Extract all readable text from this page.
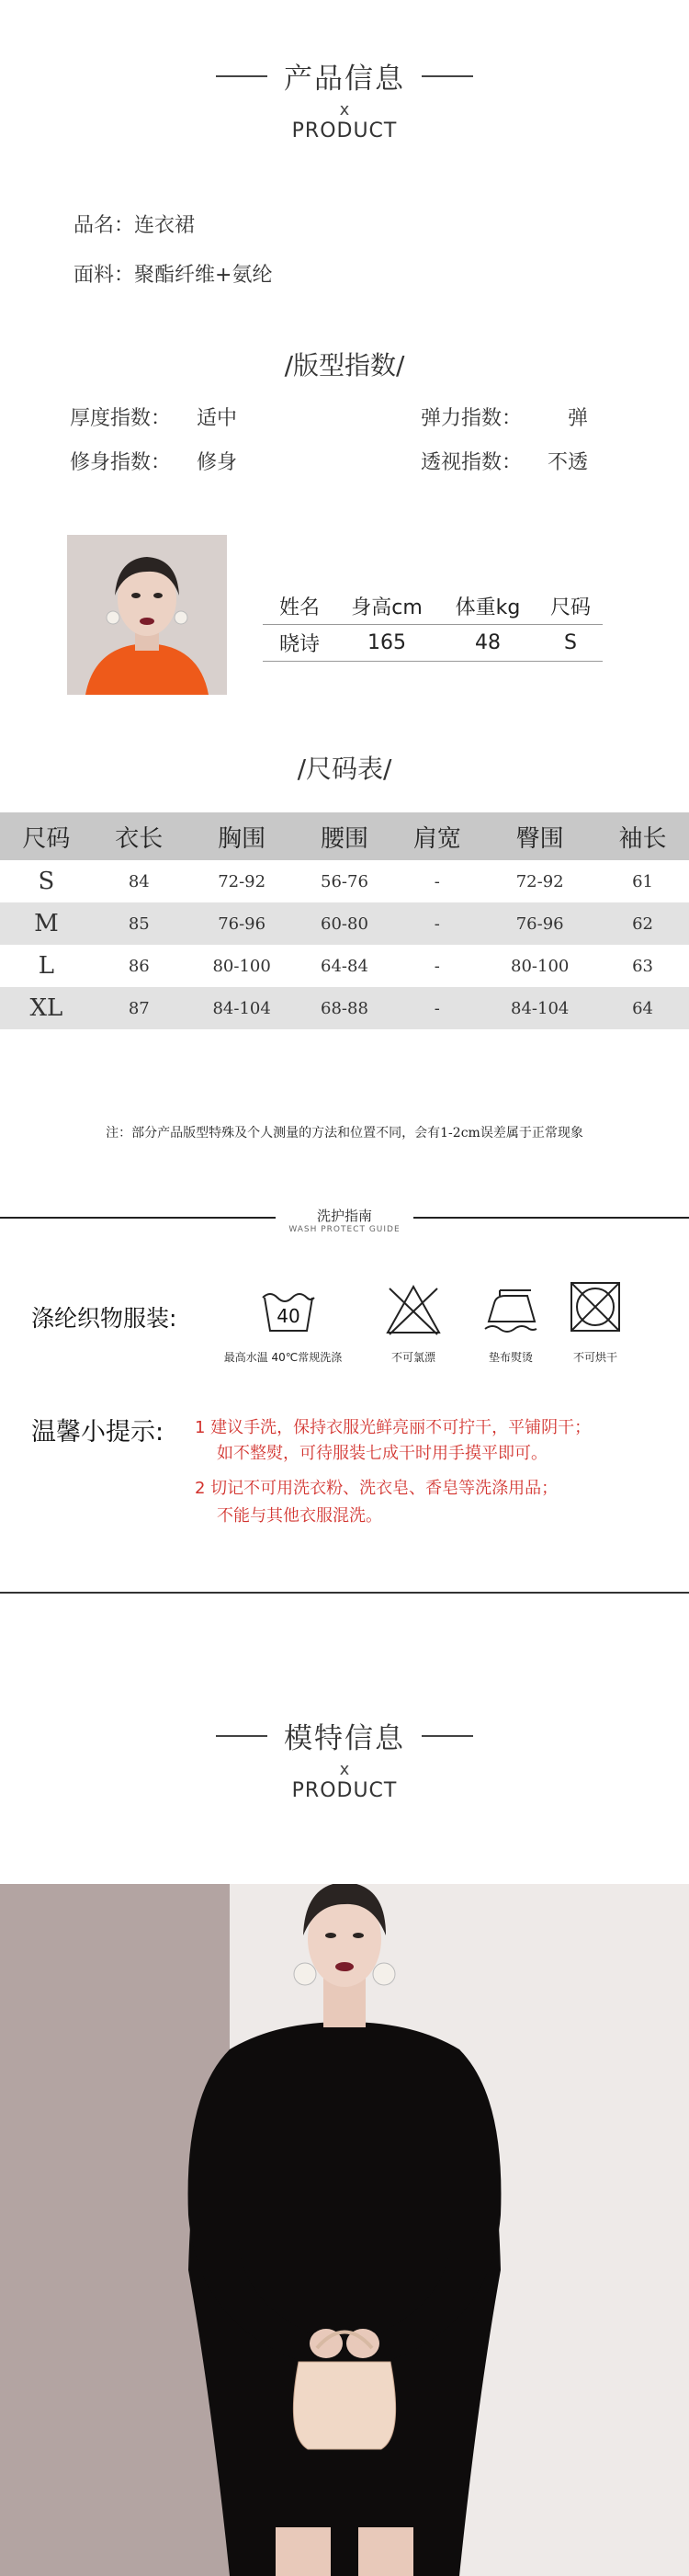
产品信息
x
PRODUCT
品名：连衣裙
面料：聚酯纤维+氨纶
/版型指数/
厚度指数： 适中	弹力指数： 弹
修身指数： 修身	透视指数： 不透
姓名	身高cm	体重kg	尺码

晓诗	165	48	S

/尺码表/
尺码	衣长	胸围	腰围	肩宽	臀围	袖长
S	84	72-92	56-76	-	72-92	61
M	85	76-96	60-80	-	76-96	62
L	86	80-100	64-84	-	80-100	63
XL	87	84-104	68-88	-	84-104	64
注：部分产品版型特殊及个人测量的方法和位置不同，会有1-2cm误差属于正常现象
洗护指南
WASH PROTECT GUIDE
涤纶织物服装:	40
最高水温 40℃常规洗涤	不可氯漂	垫布熨烫	不可烘干
温馨小提示: 1 建议手洗，保持衣服光鲜亮丽不可拧干，平铺阴干；
如不整熨，可待服装七成干时用手摸平即可。
2 切记不可用洗衣粉、洗衣皂、香皂等洗涤用品；
不能与其他衣服混洗。
模特信息
x
PRODUCT
